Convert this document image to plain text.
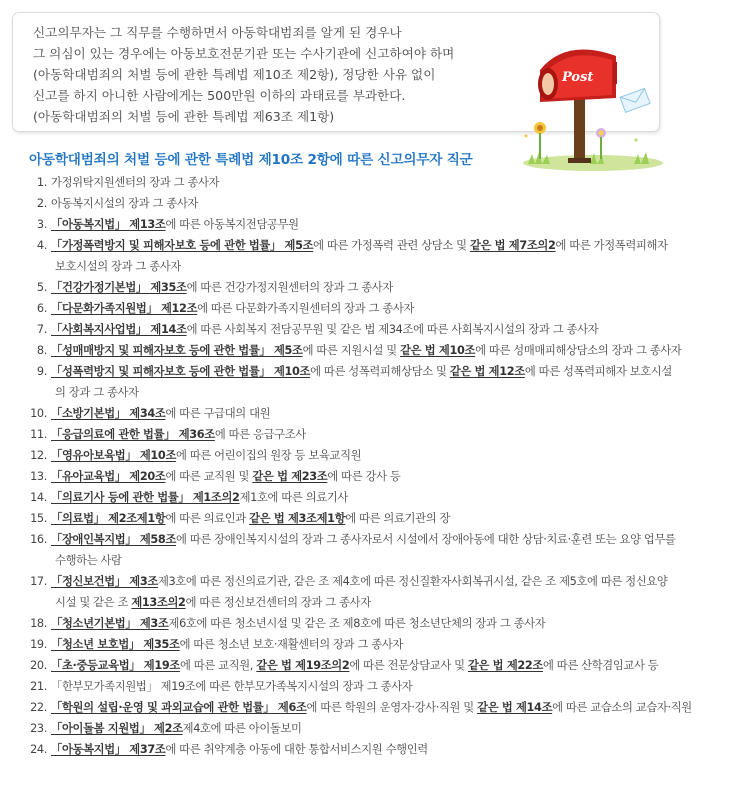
신고의무자는 그 직무를 수행하면서 아동학대범죄를 알게 된 경우나
그 의심이 있는 경우에는 아동보호전문기관 또는 수사기관에 신고하여야 하며
(아동학대범죄의 처벌 등에 관한 특례법 제10조 제2항), 정당한 사유 없이
신고를 하지 아니한 사람에게는 500만원 이하의 과태료를 부과한다.
(아동학대범죄의 처벌 등에 관한 특례법 제63조 제1항)
Post
아동학대범죄의 처벌 등에 관한 특례법 제10조 2항에 따른 신고의무자 직군
1. 가정위탁지원센터의 장과 그 종사자
2. 아동복지시설의 장과 그 종사자
3. 「아동복지법」 제13조에 따른 아동복지전담공무원
4. 「가정폭력방지 및 피해자보호 등에 관한 법률」 제5조에 따른 가정폭력 관련 상담소 및 같은 법 제7조의2에 따른 가정폭력피해자
보호시설의 장과 그 종사자
5. 「건강가정기본법」 제35조에 따른 건강가정지원센터의 장과 그 종사자
6. 「다문화가족지원법」 제12조에 따른 다문화가족지원센터의 장과 그 종사자
7. 「사회복지사업법」 제14조에 따른 사회복지 전담공무원 및 같은 법 제34조에 따른 사회복지시설의 장과 그 종사자
8. 「성매매방지 및 피해자보호 등에 관한 법률」 제5조에 따른 지원시설 및 같은 법 제10조에 따른 성매매피해상담소의 장과 그 종사자
9. 「성폭력방지 및 피해자보호 등에 관한 법률」 제10조에 따른 성폭력피해상담소 및 같은 법 제12조에 따른 성폭력피해자 보호시설
의 장과 그 종사자
10. 「소방기본법」 제34조에 따른 구급대의 대원
11. 「응급의료에 관한 법률」 제36조에 따른 응급구조사
12. 「영유아보육법」 제10조에 따른 어린이집의 원장 등 보육교직원
13. 「유아교육법」 제20조에 따른 교직원 및 같은 법 제23조에 따른 강사 등
14. 「의료기사 등에 관한 법률」 제1조의2제1호에 따른 의료기사
15. 「의료법」 제2조제1항에 따른 의료인과 같은 법 제3조제1항에 따른 의료기관의 장
16. 「장애인복지법」 제58조에 따른 장애인복지시설의 장과 그 종사자로서 시설에서 장애아동에 대한 상담·치료·훈련 또는 요양 업무를
수행하는 사람
17. 「정신보건법」 제3조제3호에 따른 정신의료기관, 같은 조 제4호에 따른 정신질환자사회복귀시설, 같은 조 제5호에 따른 정신요양
시설 및 같은 조 제13조의2에 따른 정신보건센터의 장과 그 종사자
18. 「청소년기본법」 제3조제6호에 따른 청소년시설 및 같은 조 제8호에 따른 청소년단체의 장과 그 종사자
19. 「청소년 보호법」 제35조에 따른 청소년 보호·재활센터의 장과 그 종사자
20. 「초·중등교육법」 제19조에 따른 교직원, 같은 법 제19조의2에 따른 전문상담교사 및 같은 법 제22조에 따른 산학겸임교사 등
21. 「한부모가족지원법」 제19조에 따른 한부모가족복지시설의 장과 그 종사자
22. 「학원의 설립·운영 및 과외교습에 관한 법률」 제6조에 따른 학원의 운영자·강사·직원 및 같은 법 제14조에 따른 교습소의 교습자·직원
23. 「아이돌봄 지원법」 제2조제4호에 따른 아이돌보미
24. 「아동복지법」 제37조에 따른 취약계층 아동에 대한 통합서비스지원 수행인력
